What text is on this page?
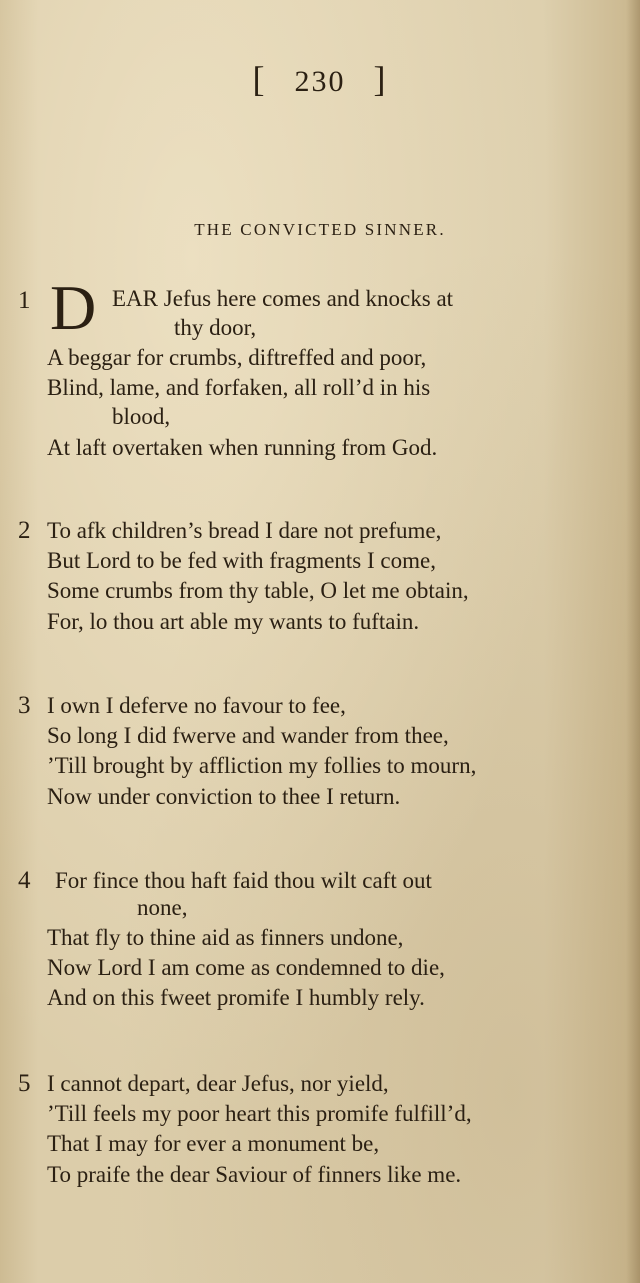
[ 230 ]
THE CONVICTED SINNER.
1 D EAR Jefus here comes and knocks at
thy door,
A beggar for crumbs, diftreffed and poor,
Blind, lame, and forfaken, all roll’d in his
blood,
At laft overtaken when running from God.
2 To afk children’s bread I dare not prefume,
But Lord to be fed with fragments I come,
Some crumbs from thy table, O let me obtain,
For, lo thou art able my wants to fuftain.
3 I own I deferve no favour to fee,
So long I did fwerve and wander from thee,
’Till brought by affliction my follies to mourn,
Now under conviction to thee I return.
4 For fince thou haft faid thou wilt caft out
none,
That fly to thine aid as finners undone,
Now Lord I am come as condemned to die,
And on this fweet promife I humbly rely.
5 I cannot depart, dear Jefus, nor yield,
’Till feels my poor heart this promife fulfill’d,
That I may for ever a monument be,
To praife the dear Saviour of finners like me.
